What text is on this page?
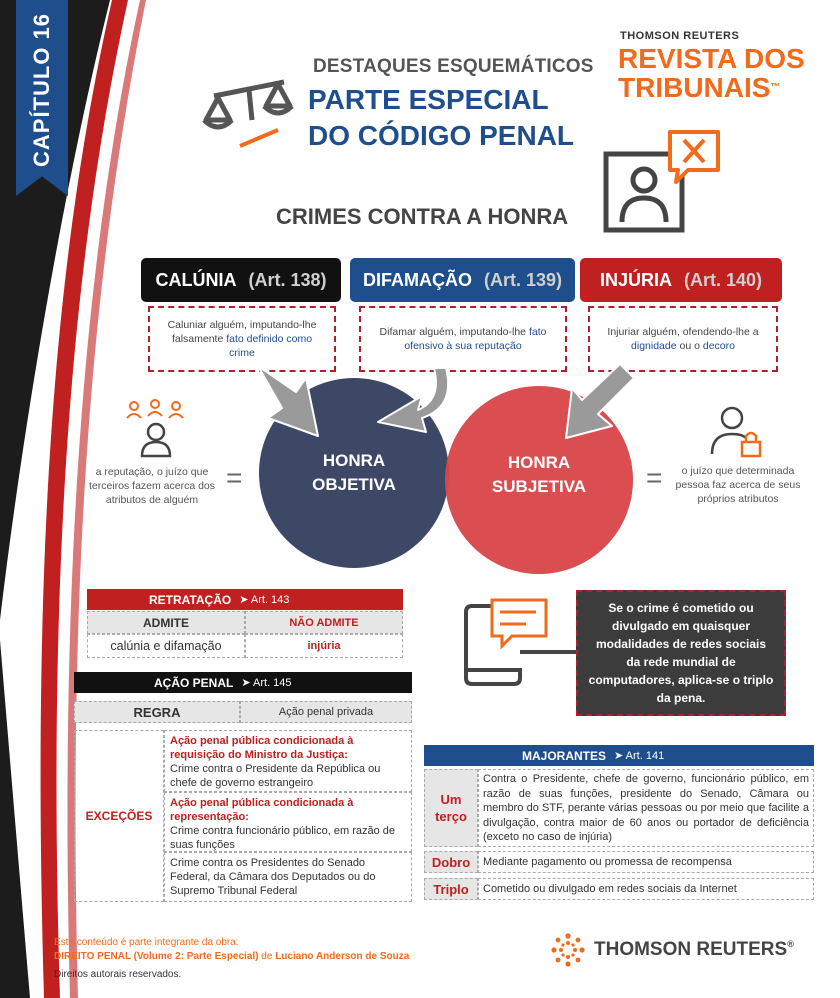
CAPÍTULO 16	DESTAQUES ESQUEMÁTICOS
PARTE ESPECIAL
DO CÓDIGO PENAL
THOMSON REUTERS
REVISTA DOS
TRIBUNAIS™
CRIMES CONTRA A HONRA
CALÚNIA (Art. 138) DIFAMAÇÃO (Art. 139) INJÚRIA (Art. 140)
Caluniar alguém, imputando-lhe falsamente fato definido como crime
Difamar alguém, imputando-lhe fato ofensivo à sua reputação
Injuriar alguém, ofendendo-lhe a dignidade ou o decoro
HONRA
OBJETIVA
HONRA
SUBJETIVA
a reputação, o juízo que terceiros fazem acerca dos atributos de alguém
=	=	o juízo que determinada pessoa faz acerca de seus próprios atributos
RETRATAÇÃO ➤ Art. 143
ADMITE	NÃO ADMITE
calúnia e difamação	injúria
AÇÃO PENAL ➤ Art. 145
REGRA	Ação penal privada
EXCEÇÕES
Ação penal pública condicionada à requisição do Ministro da Justiça:
Crime contra o Presidente da República ou chefe de governo estrangeiro
Ação penal pública condicionada à representação:
Crime contra funcionário público, em razão de suas funções
Crime contra os Presidentes do Senado Federal, da Câmara dos Deputados ou do Supremo Tribunal Federal
Se o crime é cometido ou divulgado em quaisquer modalidades de redes sociais da rede mundial de computadores, aplica-se o triplo da pena.
MAJORANTES ➤ Art. 141
Um terço
Contra o Presidente, chefe de governo, funcionário público, em razão de suas funções, presidente do Senado, Câmara ou membro do STF, perante várias pessoas ou por meio que facilite a divulgação, contra maior de 60 anos ou portador de deficiência (exceto no caso de injúria)
Dobro	Mediante pagamento ou promessa de recompensa
Triplo	Cometido ou divulgado em redes sociais da Internet
Este conteúdo é parte integrante da obra:
DIREITO PENAL (Volume 2: Parte Especial) de Luciano Anderson de Souza
Direitos autorais reservados.
THOMSON REUTERS®
